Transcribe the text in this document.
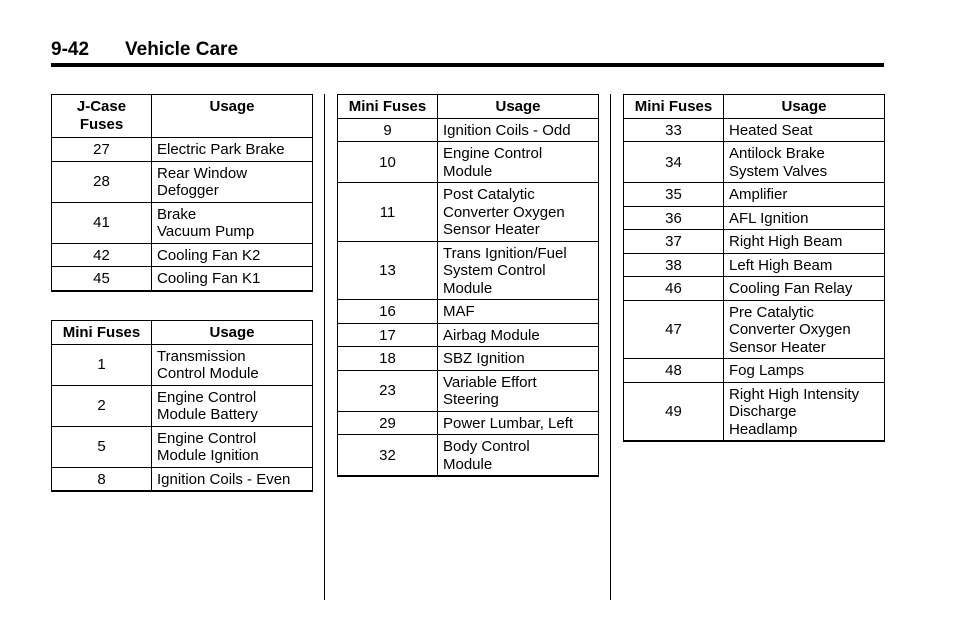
9-42 Vehicle Care
J-Case
Fuses	Usage
27	Electric Park Brake
28	Rear Window
Defogger
41	Brake
Vacuum Pump
42	Cooling Fan K2
45	Cooling Fan K1
Mini Fuses	Usage
1	Transmission
Control Module
2	Engine Control
Module Battery
5	Engine Control
Module Ignition
8	Ignition Coils - Even
Mini Fuses	Usage
9	Ignition Coils - Odd
10	Engine Control
Module
11	Post Catalytic
Converter Oxygen
Sensor Heater
13	Trans Ignition/Fuel
System Control
Module
16	MAF
17	Airbag Module
18	SBZ Ignition
23	Variable Effort
Steering
29	Power Lumbar, Left
32	Body Control
Module
Mini Fuses	Usage
33	Heated Seat
34	Antilock Brake
System Valves
35	Amplifier
36	AFL Ignition
37	Right High Beam
38	Left High Beam
46	Cooling Fan Relay
47	Pre Catalytic
Converter Oxygen
Sensor Heater
48	Fog Lamps
49	Right High Intensity
Discharge
Headlamp
